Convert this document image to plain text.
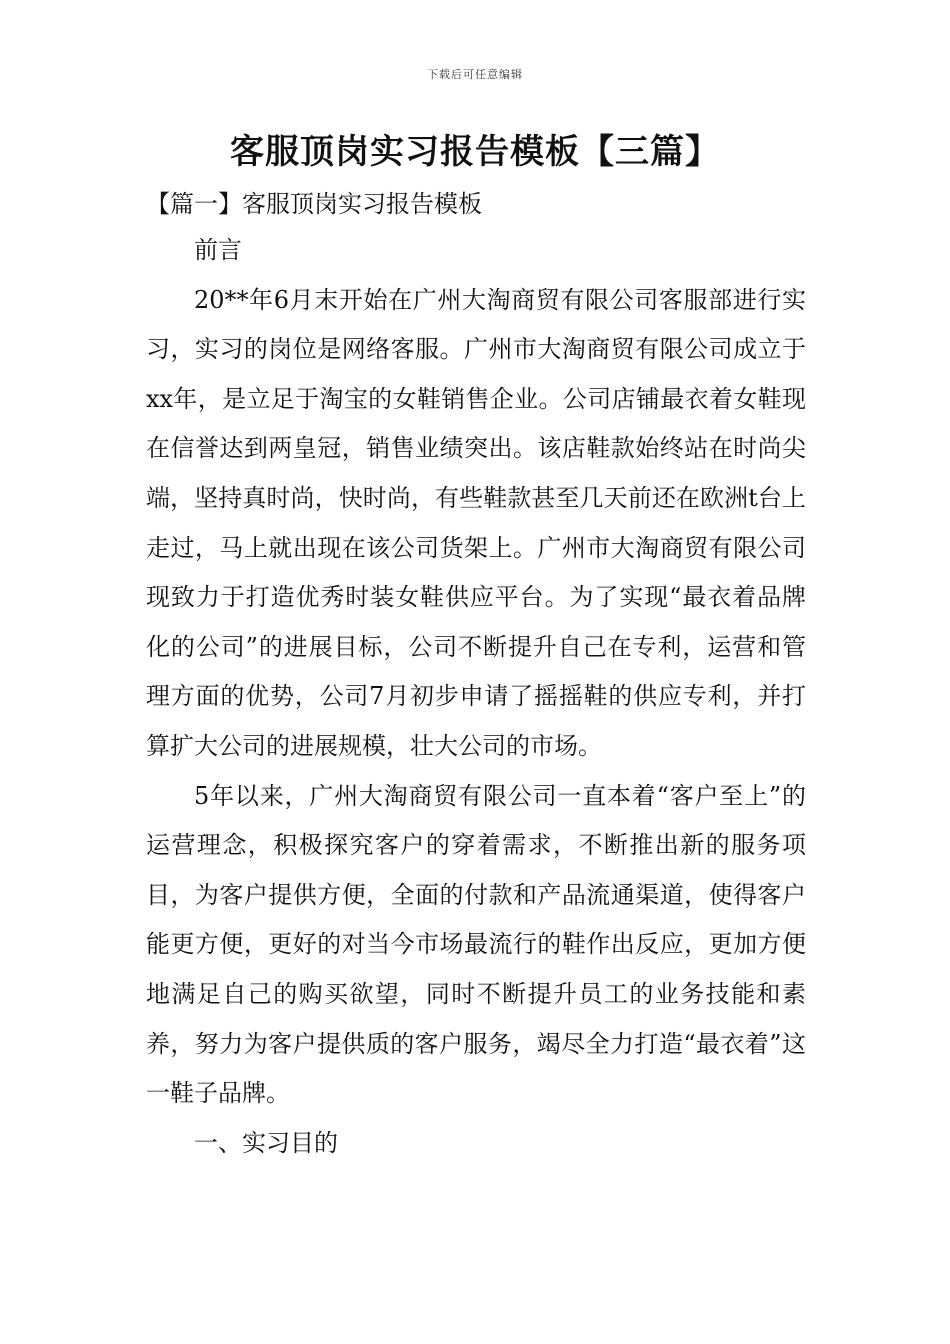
下载后可任意编辑
客服顶岗实习报告模板【三篇】
【篇一】客服顶岗实习报告模板

前言

20**年6月末开始在广州大淘商贸有限公司客服部进行实习，实习的岗位是网络客服。广州市大淘商贸有限公司成立于xx年，是立足于淘宝的女鞋销售企业。公司店铺最衣着女鞋现在信誉达到两皇冠，销售业绩突出。该店鞋款始终站在时尚尖端，坚持真时尚，快时尚，有些鞋款甚至几天前还在欧洲t台上走过，马上就出现在该公司货架上。广州市大淘商贸有限公司现致力于打造优秀时装女鞋供应平台。为了实现“最衣着品牌化的公司”的进展目标，公司不断提升自己在专利，运营和管理方面的优势，公司7月初步申请了摇摇鞋的供应专利，并打算扩大公司的进展规模，壮大公司的市场。

5年以来，广州大淘商贸有限公司一直本着“客户至上”的运营理念，积极探究客户的穿着需求，不断推出新的服务项目，为客户提供方便，全面的付款和产品流通渠道，使得客户能更方便，更好的对当今市场最流行的鞋作出反应，更加方便地满足自己的购买欲望，同时不断提升员工的业务技能和素养，努力为客户提供质的客户服务，竭尽全力打造“最衣着”这一鞋子品牌。

一、实习目的
